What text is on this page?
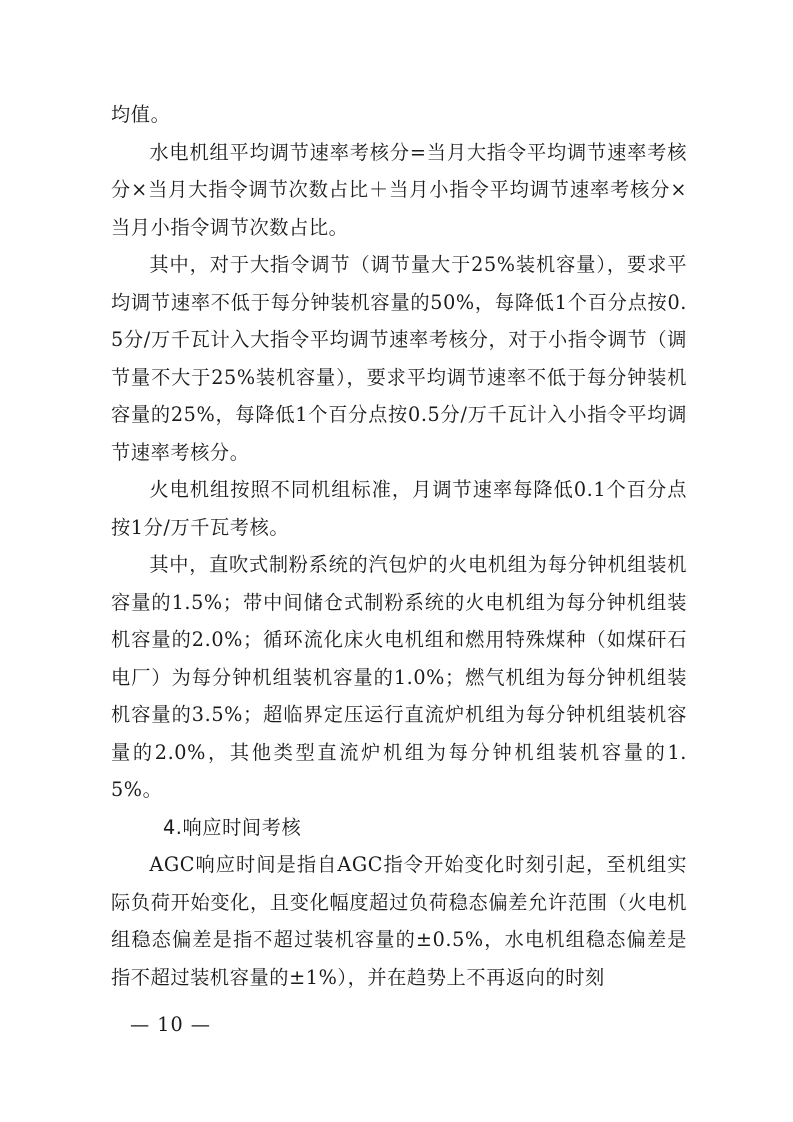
均值。

水电机组平均调节速率考核分=当月大指令平均调节速率考核分×当月大指令调节次数占比＋当月小指令平均调节速率考核分×当月小指令调节次数占比。

其中，对于大指令调节（调节量大于25%装机容量），要求平均调节速率不低于每分钟装机容量的50%，每降低1个百分点按0.5分/万千瓦计入大指令平均调节速率考核分，对于小指令调节（调节量不大于25%装机容量），要求平均调节速率不低于每分钟装机容量的25%，每降低1个百分点按0.5分/万千瓦计入小指令平均调节速率考核分。

火电机组按照不同机组标准，月调节速率每降低0.1个百分点按1分/万千瓦考核。

其中，直吹式制粉系统的汽包炉的火电机组为每分钟机组装机容量的1.5%；带中间储仓式制粉系统的火电机组为每分钟机组装机容量的2.0%；循环流化床火电机组和燃用特殊煤种（如煤矸石电厂）为每分钟机组装机容量的1.0%；燃气机组为每分钟机组装机容量的3.5%；超临界定压运行直流炉机组为每分钟机组装机容量的2.0%，其他类型直流炉机组为每分钟机组装机容量的1.5%。

4.响应时间考核

AGC响应时间是指自AGC指令开始变化时刻引起，至机组实际负荷开始变化，且变化幅度超过负荷稳态偏差允许范围（火电机组稳态偏差是指不超过装机容量的±0.5%，水电机组稳态偏差是指不超过装机容量的±1%），并在趋势上不再返向的时刻

— 10 —
